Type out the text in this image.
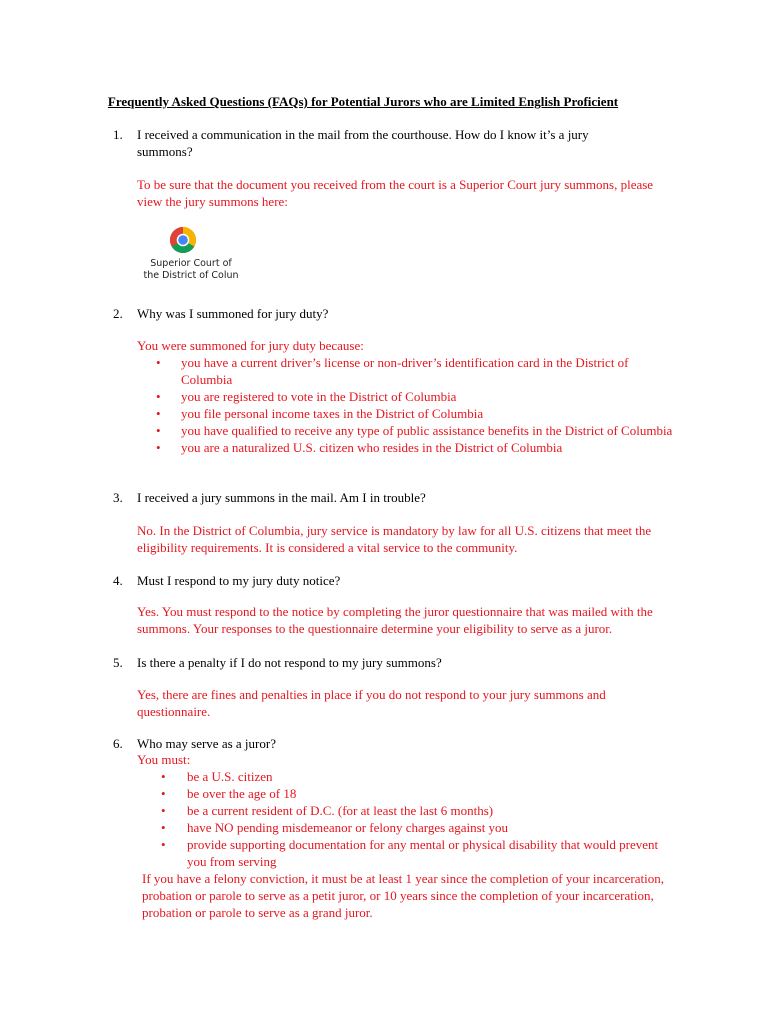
Frequently Asked Questions (FAQs) for Potential Jurors who are Limited English Proficient
1.	I received a communication in the mail from the courthouse. How do I know it’s a jury summons?
To be sure that the document you received from the court is a Superior Court jury summons, please view the jury summons here:
Superior Court of
the District of Colun
2.	Why was I summoned for jury duty?
You were summoned for jury duty because:
• you have a current driver’s license or non-driver’s identification card in the District of Columbia
• you are registered to vote in the District of Columbia
• you file personal income taxes in the District of Columbia
• you have qualified to receive any type of public assistance benefits in the District of Columbia
• you are a naturalized U.S. citizen who resides in the District of Columbia
3.	I received a jury summons in the mail. Am I in trouble?
No. In the District of Columbia, jury service is mandatory by law for all U.S. citizens that meet the eligibility requirements. It is considered a vital service to the community.
4.	Must I respond to my jury duty notice?
Yes. You must respond to the notice by completing the juror questionnaire that was mailed with the summons. Your responses to the questionnaire determine your eligibility to serve as a juror.
5.	Is there a penalty if I do not respond to my jury summons?
Yes, there are fines and penalties in place if you do not respond to your jury summons and questionnaire.
6.	Who may serve as a juror?
You must:
• be a U.S. citizen
• be over the age of 18
• be a current resident of D.C. (for at least the last 6 months)
• have NO pending misdemeanor or felony charges against you
• provide supporting documentation for any mental or physical disability that would prevent you from serving
If you have a felony conviction, it must be at least 1 year since the completion of your incarceration, probation or parole to serve as a petit juror, or 10 years since the completion of your incarceration, probation or parole to serve as a grand juror.
